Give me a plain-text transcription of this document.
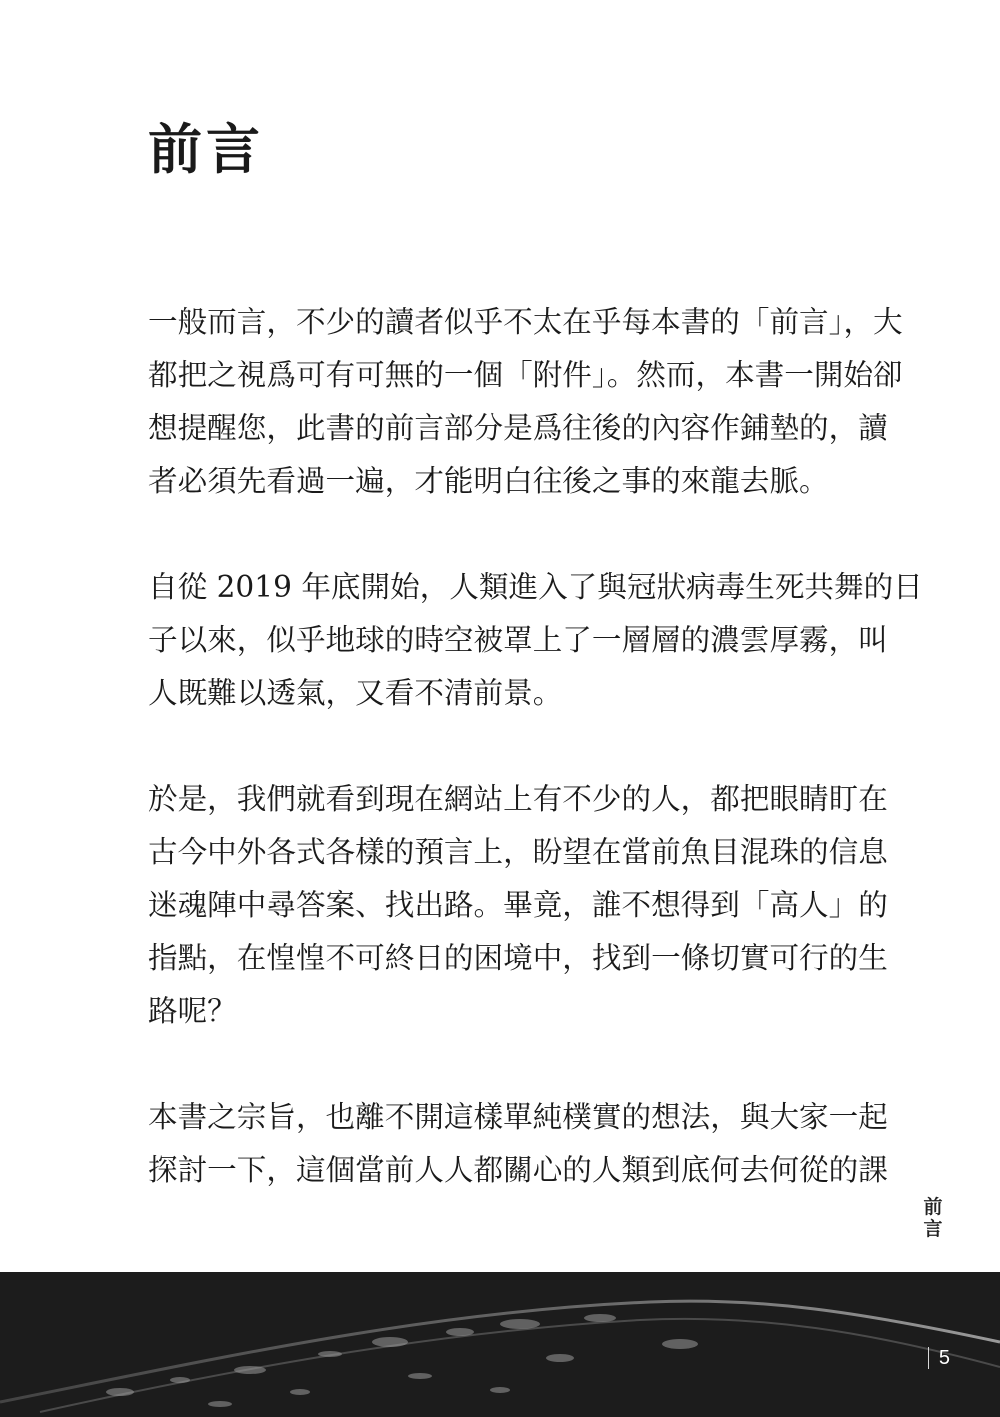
前言

一般而言，不少的讀者似乎不太在乎每本書的「前言」，大
都把之視爲可有可無的一個「附件」。然而，本書一開始卻
想提醒您，此書的前言部分是爲往後的內容作鋪墊的，讀
者必須先看過一遍，才能明白往後之事的來龍去脈。

自從 2019 年底開始，人類進入了與冠狀病毒生死共舞的日
子以來，似乎地球的時空被罩上了一層層的濃雲厚霧，叫
人既難以透氣，又看不清前景。

於是，我們就看到現在網站上有不少的人，都把眼睛盯在
古今中外各式各樣的預言上，盼望在當前魚目混珠的信息
迷魂陣中尋答案、找出路。畢竟，誰不想得到「高人」的
指點，在惶惶不可終日的困境中，找到一條切實可行的生
路呢？

本書之宗旨，也離不開這樣單純樸實的想法，與大家一起
探討一下，這個當前人人都關心的人類到底何去何從的課

前
言
5
